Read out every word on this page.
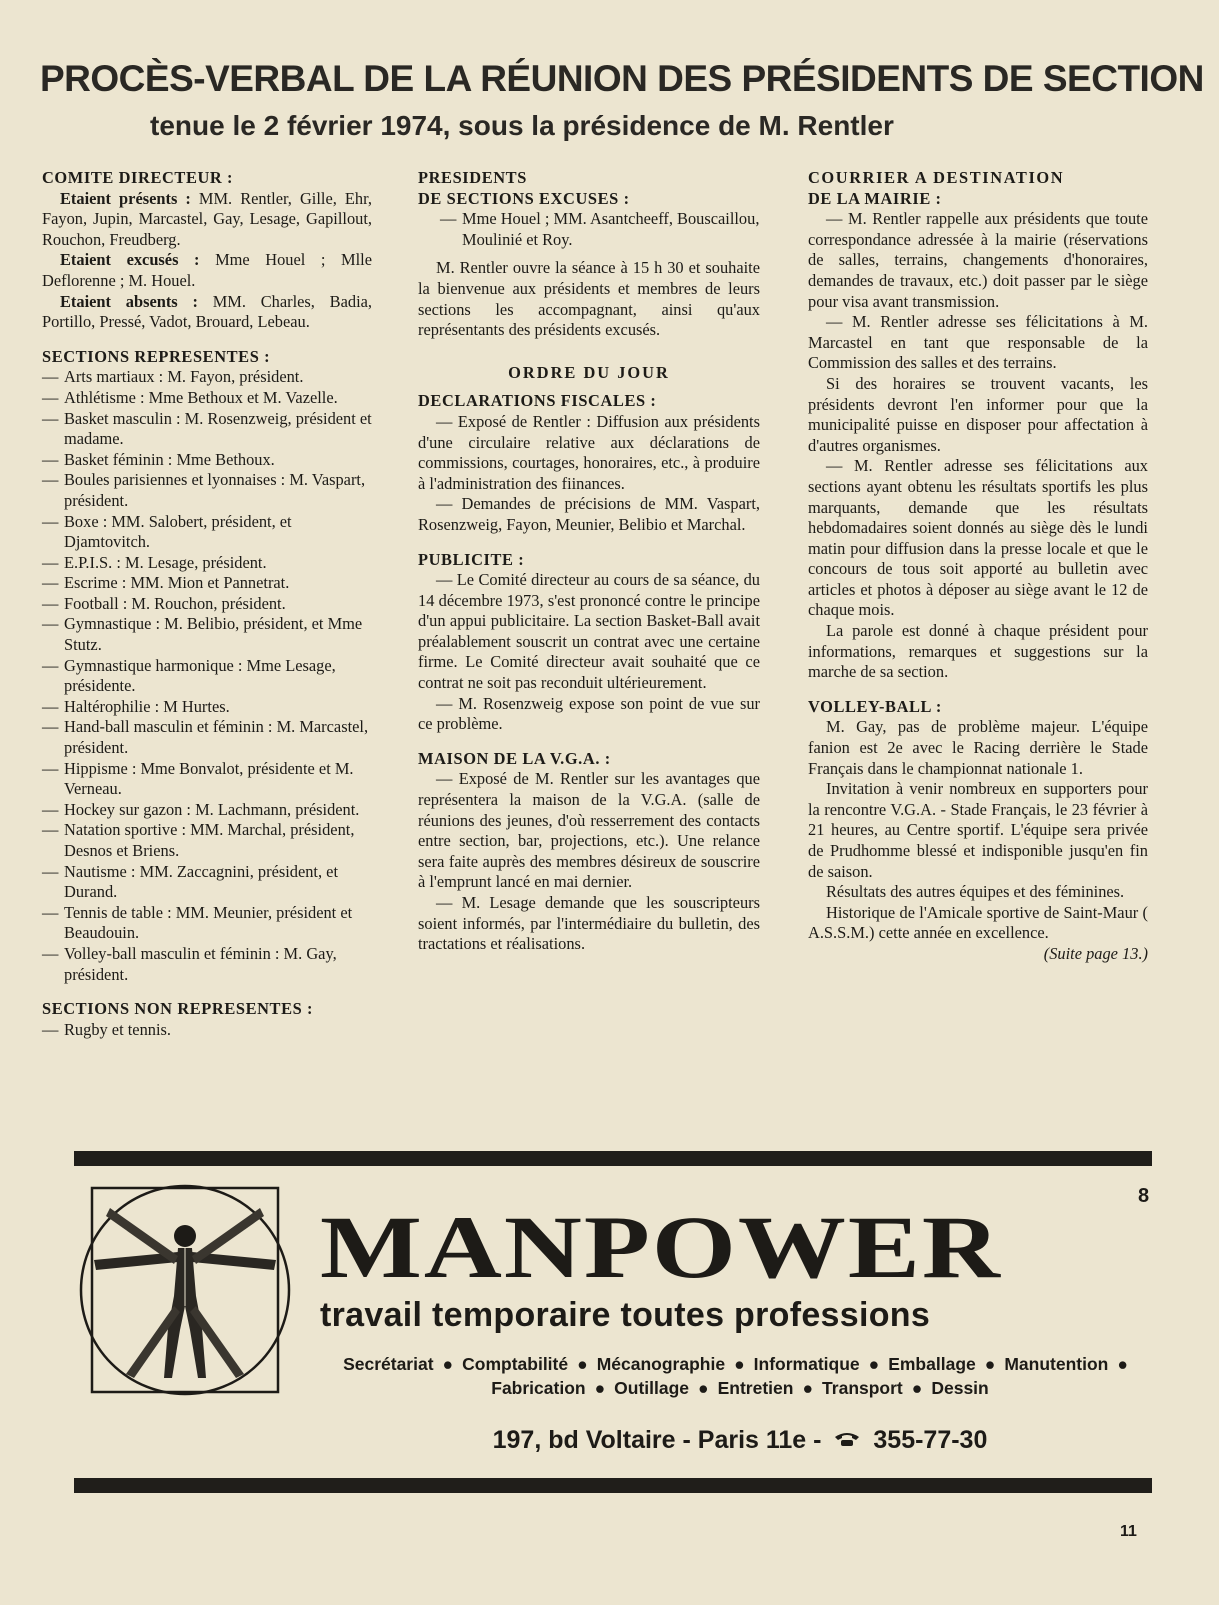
PROCÈS-VERBAL DE LA RÉUNION DES PRÉSIDENTS DE SECTION
tenue le 2 février 1974, sous la présidence de M. Rentler
COMITE DIRECTEUR :

Etaient présents : MM. Rentler, Gille, Ehr, Fayon, Jupin, Marcastel, Gay, Lesage, Gapillout, Rouchon, Freudberg.

Etaient excusés : Mme Houel ; Mlle Deflorenne ; M. Houel.

Etaient absents : MM. Charles, Badia, Portillo, Pressé, Vadot, Brouard, Lebeau.

SECTIONS REPRESENTES :
— Arts martiaux : M. Fayon, président.
— Athlétisme : Mme Bethoux et M. Vazelle.
— Basket masculin : M. Rosenzweig, président et madame.
— Basket féminin : Mme Bethoux.
— Boules parisiennes et lyonnaises : M. Vaspart, président.
— Boxe : MM. Salobert, président, et Djamtovitch.
— E.P.I.S. : M. Lesage, président.
— Escrime : MM. Mion et Pannetrat.
— Football : M. Rouchon, président.
— Gymnastique : M. Belibio, président, et Mme Stutz.
— Gymnastique harmonique : Mme Lesage, présidente.
— Haltérophilie : M Hurtes.
— Hand-ball masculin et féminin : M. Marcastel, président.
— Hippisme : Mme Bonvalot, présidente et M. Verneau.
— Hockey sur gazon : M. Lachmann, président.
— Natation sportive : MM. Marchal, président, Desnos et Briens.
— Nautisme : MM. Zaccagnini, président, et Durand.
— Tennis de table : MM. Meunier, président et Beaudouin.
— Volley-ball masculin et féminin : M. Gay, président.
SECTIONS NON REPRESENTES :
— Rugby et tennis.
PRESIDENTS
DE SECTIONS EXCUSES :
— Mme Houel ; MM. Asantcheeff, Bouscaillou, Moulinié et Roy.

M. Rentler ouvre la séance à 15 h 30 et souhaite la bienvenue aux présidents et membres de leurs sections les accompagnant, ainsi qu'aux représentants des présidents excusés.

ORDRE DU JOUR
DECLARATIONS FISCALES :

— Exposé de Rentler : Diffusion aux présidents d'une circulaire relative aux déclarations de commissions, courtages, honoraires, etc., à produire à l'administration des fiinances.

— Demandes de précisions de MM. Vaspart, Rosenzweig, Fayon, Meunier, Belibio et Marchal.

PUBLICITE :

— Le Comité directeur au cours de sa séance, du 14 décembre 1973, s'est prononcé contre le principe d'un appui publicitaire. La section Basket-Ball avait préalablement souscrit un contrat avec une certaine firme. Le Comité directeur avait souhaité que ce contrat ne soit pas reconduit ultérieurement.

— M. Rosenzweig expose son point de vue sur ce problème.

MAISON DE LA V.G.A. :

— Exposé de M. Rentler sur les avantages que représentera la maison de la V.G.A. (salle de réunions des jeunes, d'où resserrement des contacts entre section, bar, projections, etc.). Une relance sera faite auprès des membres désireux de souscrire à l'emprunt lancé en mai dernier.

— M. Lesage demande que les souscripteurs soient informés, par l'intermédiaire du bulletin, des tractations et réalisations.

COURRIER A DESTINATION
DE LA MAIRIE :

— M. Rentler rappelle aux présidents que toute correspondance adressée à la mairie (réservations de salles, terrains, changements d'honoraires, demandes de travaux, etc.) doit passer par le siège pour visa avant transmission.

— M. Rentler adresse ses félicitations à M. Marcastel en tant que responsable de la Commission des salles et des terrains.

Si des horaires se trouvent vacants, les présidents devront l'en informer pour que la municipalité puisse en disposer pour affectation à d'autres organismes.

— M. Rentler adresse ses félicitations aux sections ayant obtenu les résultats sportifs les plus marquants, demande que les résultats hebdomadaires soient donnés au siège dès le lundi matin pour diffusion dans la presse locale et que le concours de tous soit apporté au bulletin avec articles et photos à déposer au siège avant le 12 de chaque mois.

La parole est donné à chaque président pour informations, remarques et suggestions sur la marche de sa section.

VOLLEY-BALL :

M. Gay, pas de problème majeur. L'équipe fanion est 2e avec le Racing derrière le Stade Français dans le championnat nationale 1.

Invitation à venir nombreux en supporters pour la rencontre V.G.A. - Stade Français, le 23 février à 21 heures, au Centre sportif. L'équipe sera privée de Prudhomme blessé et indisponible jusqu'en fin de saison.

Résultats des autres équipes et des féminines.

Historique de l'Amicale sportive de Saint-Maur ( A.S.S.M.) cette année en excellence.
(Suite page 13.)

8
MANPOWER
travail temporaire toutes professions
Secrétariat ● Comptabilité ● Mécanographie ● Informatique ● Emballage ● Manutention ●
Fabrication ● Outillage ● Entretien ● Transport ● Dessin
197, bd Voltaire - Paris 11e - 355-77-30
11
